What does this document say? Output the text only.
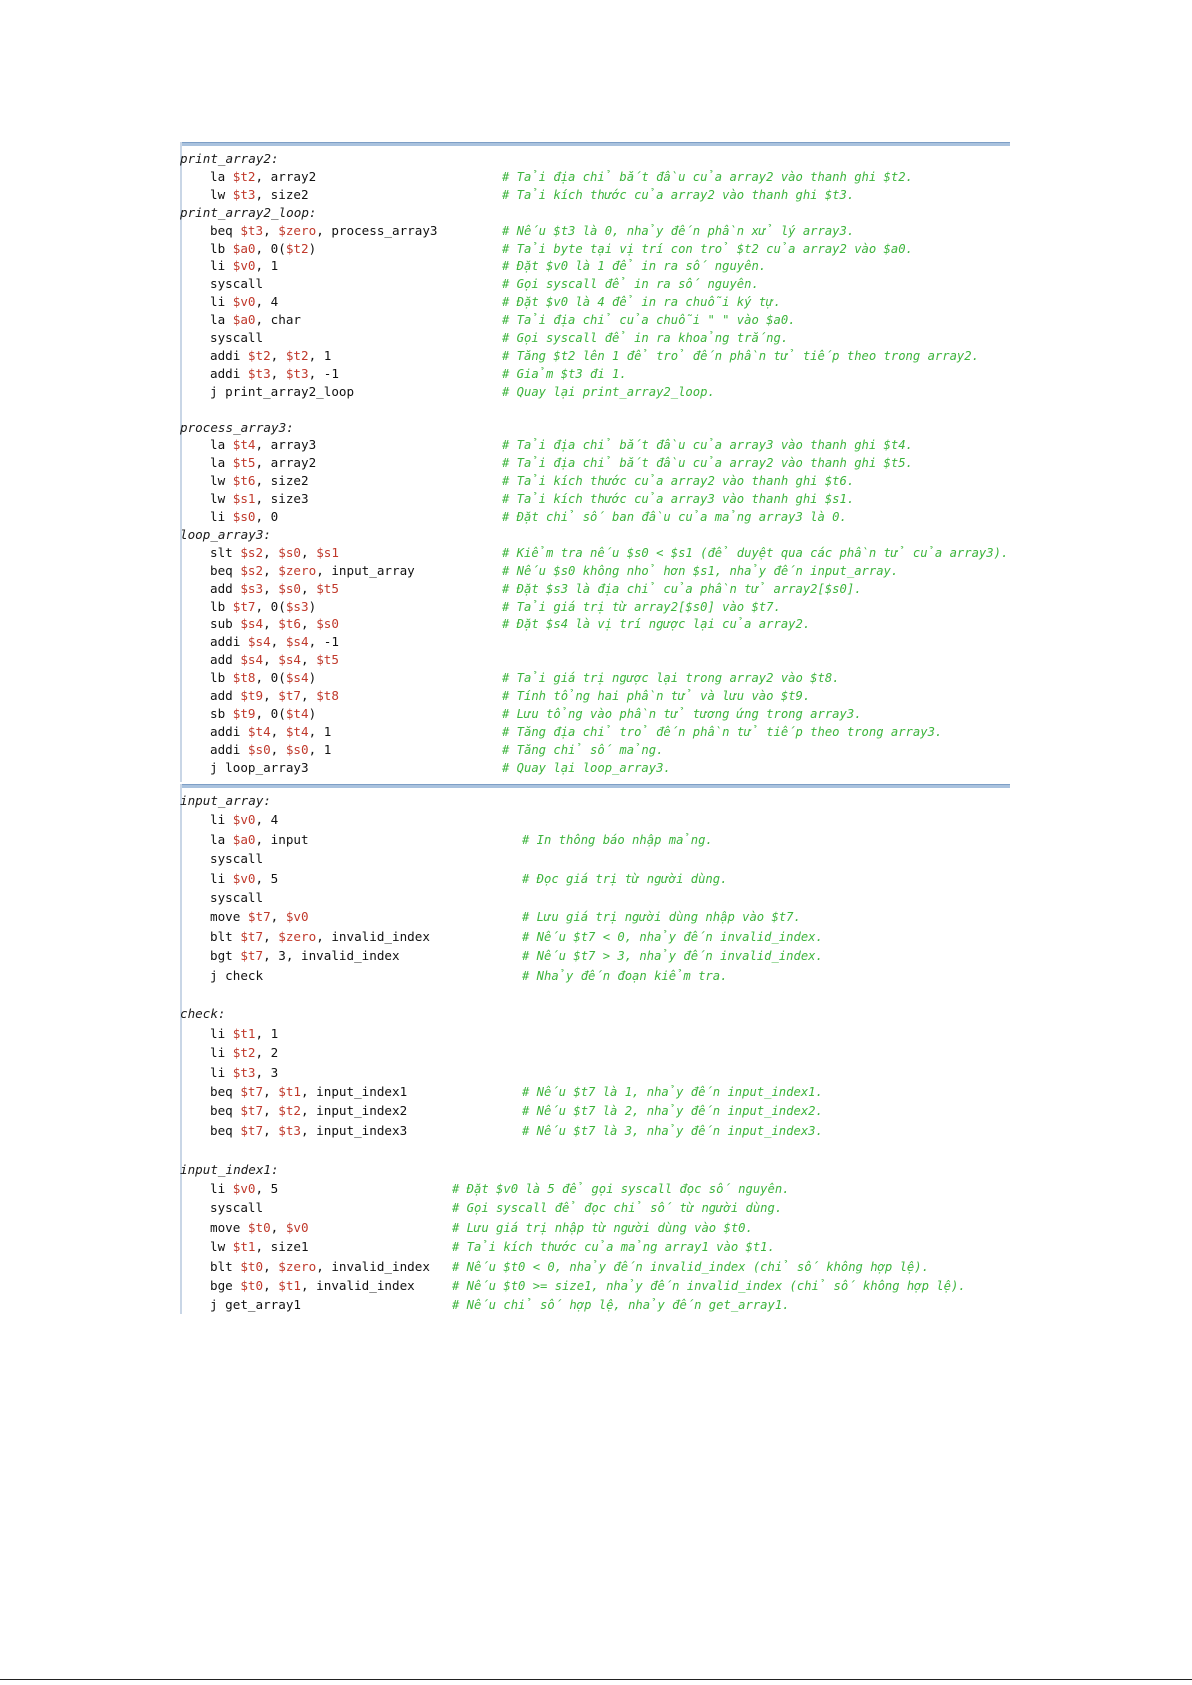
print_array2:
la $t2, array2	# Tải địa chỉ bắt đầu của array2 vào thanh ghi $t2.
lw $t3, size2	# Tải kích thước của array2 vào thanh ghi $t3.
print_array2_loop:
beq $t3, $zero, process_array3	# Nếu $t3 là 0, nhảy đến phần xử lý array3.
lb $a0, 0($t2)	# Tải byte tại vị trí con trỏ $t2 của array2 vào $a0.
li $v0, 1	# Đặt $v0 là 1 để in ra số nguyên.
syscall	# Gọi syscall để in ra số nguyên.
li $v0, 4	# Đặt $v0 là 4 để in ra chuỗi ký tự.
la $a0, char	# Tải địa chỉ của chuỗi " " vào $a0.
syscall	# Gọi syscall để in ra khoảng trắng.
addi $t2, $t2, 1	# Tăng $t2 lên 1 để trỏ đến phần tử tiếp theo trong array2.
addi $t3, $t3, -1	# Giảm $t3 đi 1.
j print_array2_loop	# Quay lại print_array2_loop.
process_array3:
la $t4, array3	# Tải địa chỉ bắt đầu của array3 vào thanh ghi $t4.
la $t5, array2	# Tải địa chỉ bắt đầu của array2 vào thanh ghi $t5.
lw $t6, size2	# Tải kích thước của array2 vào thanh ghi $t6.
lw $s1, size3	# Tải kích thước của array3 vào thanh ghi $s1.
li $s0, 0	# Đặt chỉ số ban đầu của mảng array3 là 0.
loop_array3:
slt $s2, $s0, $s1	# Kiểm tra nếu $s0 < $s1 (để duyệt qua các phần tử của array3).
beq $s2, $zero, input_array	# Nếu $s0 không nhỏ hơn $s1, nhảy đến input_array.
add $s3, $s0, $t5	# Đặt $s3 là địa chỉ của phần tử array2[$s0].
lb $t7, 0($s3)	# Tải giá trị từ array2[$s0] vào $t7.
sub $s4, $t6, $s0	# Đặt $s4 là vị trí ngược lại của array2.
addi $s4, $s4, -1
add $s4, $s4, $t5
lb $t8, 0($s4)	# Tải giá trị ngược lại trong array2 vào $t8.
add $t9, $t7, $t8	# Tính tổng hai phần tử và lưu vào $t9.
sb $t9, 0($t4)	# Lưu tổng vào phần tử tương ứng trong array3.
addi $t4, $t4, 1	# Tăng địa chỉ trỏ đến phần tử tiếp theo trong array3.
addi $s0, $s0, 1	# Tăng chỉ số mảng.
j loop_array3	# Quay lại loop_array3.
input_array:
li $v0, 4
la $a0, input	# In thông báo nhập mảng.
syscall
li $v0, 5	# Đọc giá trị từ người dùng.
syscall
move $t7, $v0	# Lưu giá trị người dùng nhập vào $t7.
blt $t7, $zero, invalid_index	# Nếu $t7 < 0, nhảy đến invalid_index.
bgt $t7, 3, invalid_index	# Nếu $t7 > 3, nhảy đến invalid_index.
j check	# Nhảy đến đoạn kiểm tra.
check:
li $t1, 1
li $t2, 2
li $t3, 3
beq $t7, $t1, input_index1	# Nếu $t7 là 1, nhảy đến input_index1.
beq $t7, $t2, input_index2	# Nếu $t7 là 2, nhảy đến input_index2.
beq $t7, $t3, input_index3	# Nếu $t7 là 3, nhảy đến input_index3.
input_index1:
li $v0, 5	# Đặt $v0 là 5 để gọi syscall đọc số nguyên.
syscall	# Gọi syscall để đọc chỉ số từ người dùng.
move $t0, $v0	# Lưu giá trị nhập từ người dùng vào $t0.
lw $t1, size1	# Tải kích thước của mảng array1 vào $t1.
blt $t0, $zero, invalid_index # Nếu $t0 < 0, nhảy đến invalid_index (chỉ số không hợp lệ).
bge $t0, $t1, invalid_index	# Nếu $t0 >= size1, nhảy đến invalid_index (chỉ số không hợp lệ).
j get_array1	# Nếu chỉ số hợp lệ, nhảy đến get_array1.
